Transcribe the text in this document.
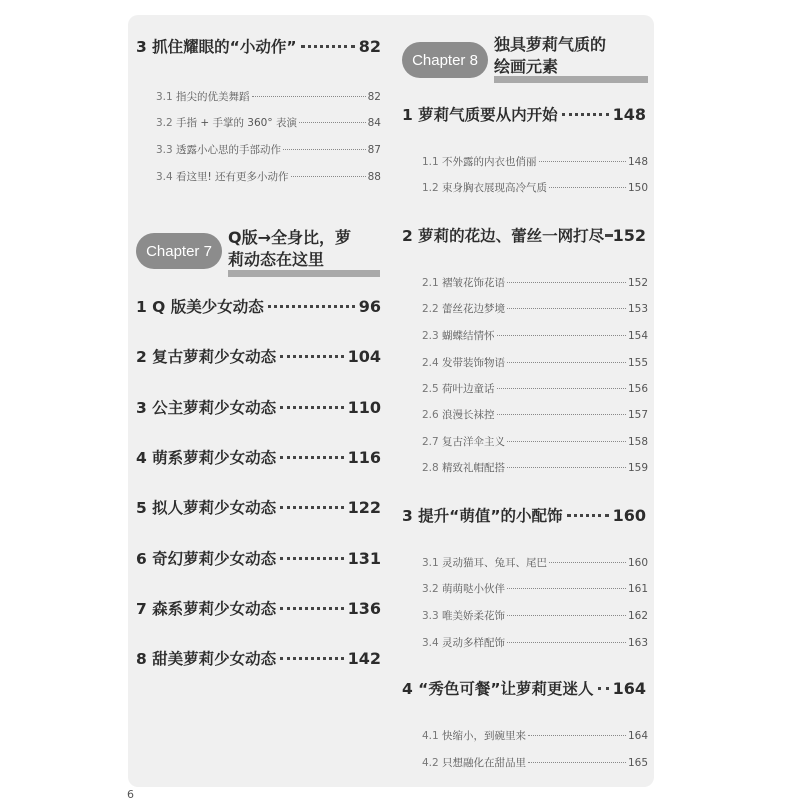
3 抓住耀眼的“小动作”	82
3.1 指尖的优美舞蹈	82
3.2 手指 + 手掌的 360° 表演	84
3.3 透露小心思的手部动作	87
3.4 看这里! 还有更多小动作	88
Chapter 7
Q版→全身比，萝
莉动态在这里
1 Q 版美少女动态	96
2 复古萝莉少女动态	104
3 公主萝莉少女动态	110
4 萌系萝莉少女动态	116
5 拟人萝莉少女动态	122
6 奇幻萝莉少女动态	131
7 森系萝莉少女动态	136
8 甜美萝莉少女动态	142
Chapter 8
独具萝莉气质的
绘画元素
1 萝莉气质要从内开始	148
1.1 不外露的内衣也俏丽	148
1.2 束身胸衣展现高冷气质	150
2 萝莉的花边、蕾丝一网打尽 152
2.1 褶皱花饰花语	152
2.2 蕾丝花边梦境	153
2.3 蝴蝶结情怀	154
2.4 发带装饰物语	155
2.5 荷叶边童话	156
2.6 浪漫长袜控	157
2.7 复古洋伞主义	158
2.8 精致礼帽配搭	159
3 提升“萌值”的小配饰	160
3.1 灵动猫耳、兔耳、尾巴	160
3.2 萌萌哒小伙伴	161
3.3 唯美娇柔花饰	162
3.4 灵动多样配饰	163
4 “秀色可餐”让萝莉更迷人 164
4.1 快缩小，到碗里来	164
4.2 只想融化在甜品里	165
6
